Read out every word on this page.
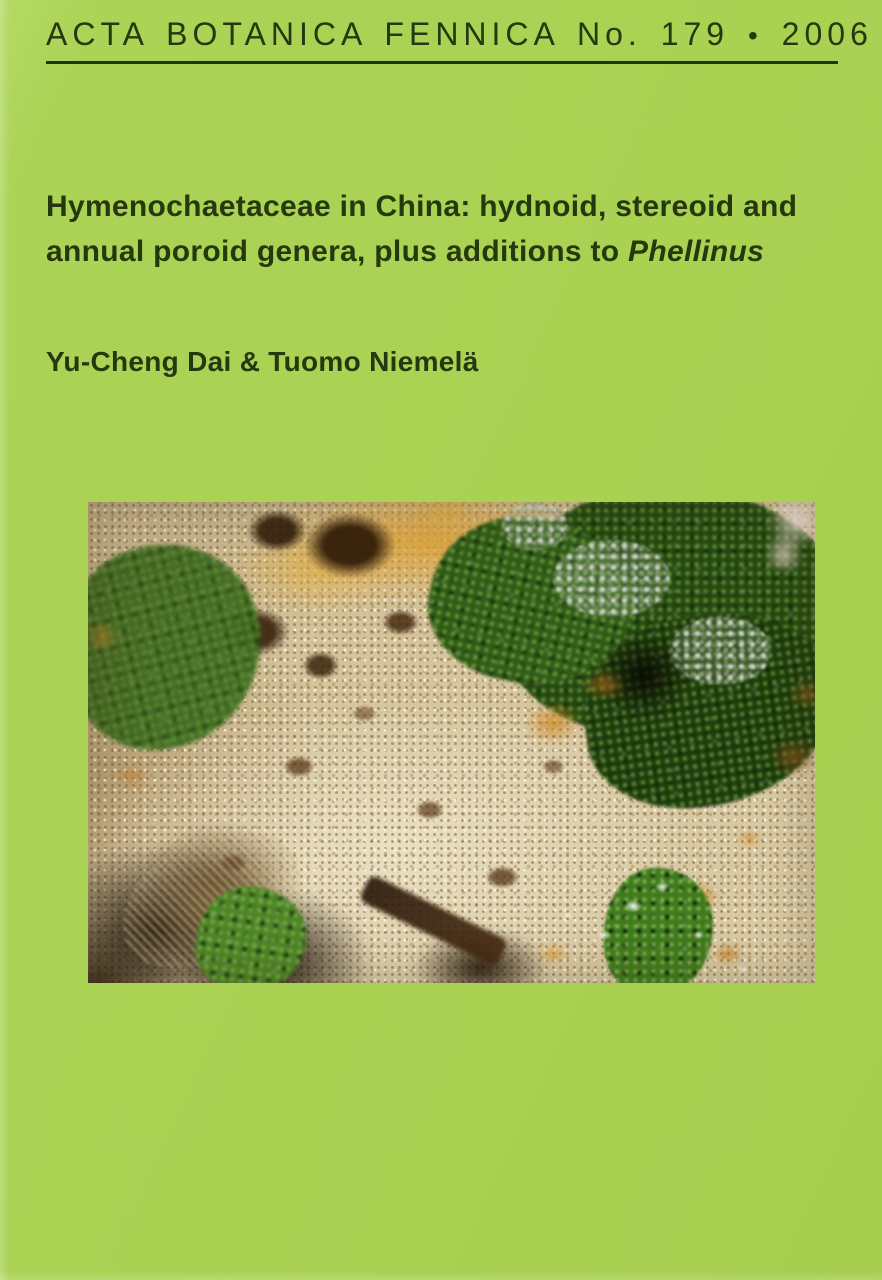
ACTA BOTANICA FENNICA No. 179 • 2006
Hymenochaetaceae in China: hydnoid, stereoid and
annual poroid genera, plus additions to Phellinus
Yu-Cheng Dai & Tuomo Niemelä
